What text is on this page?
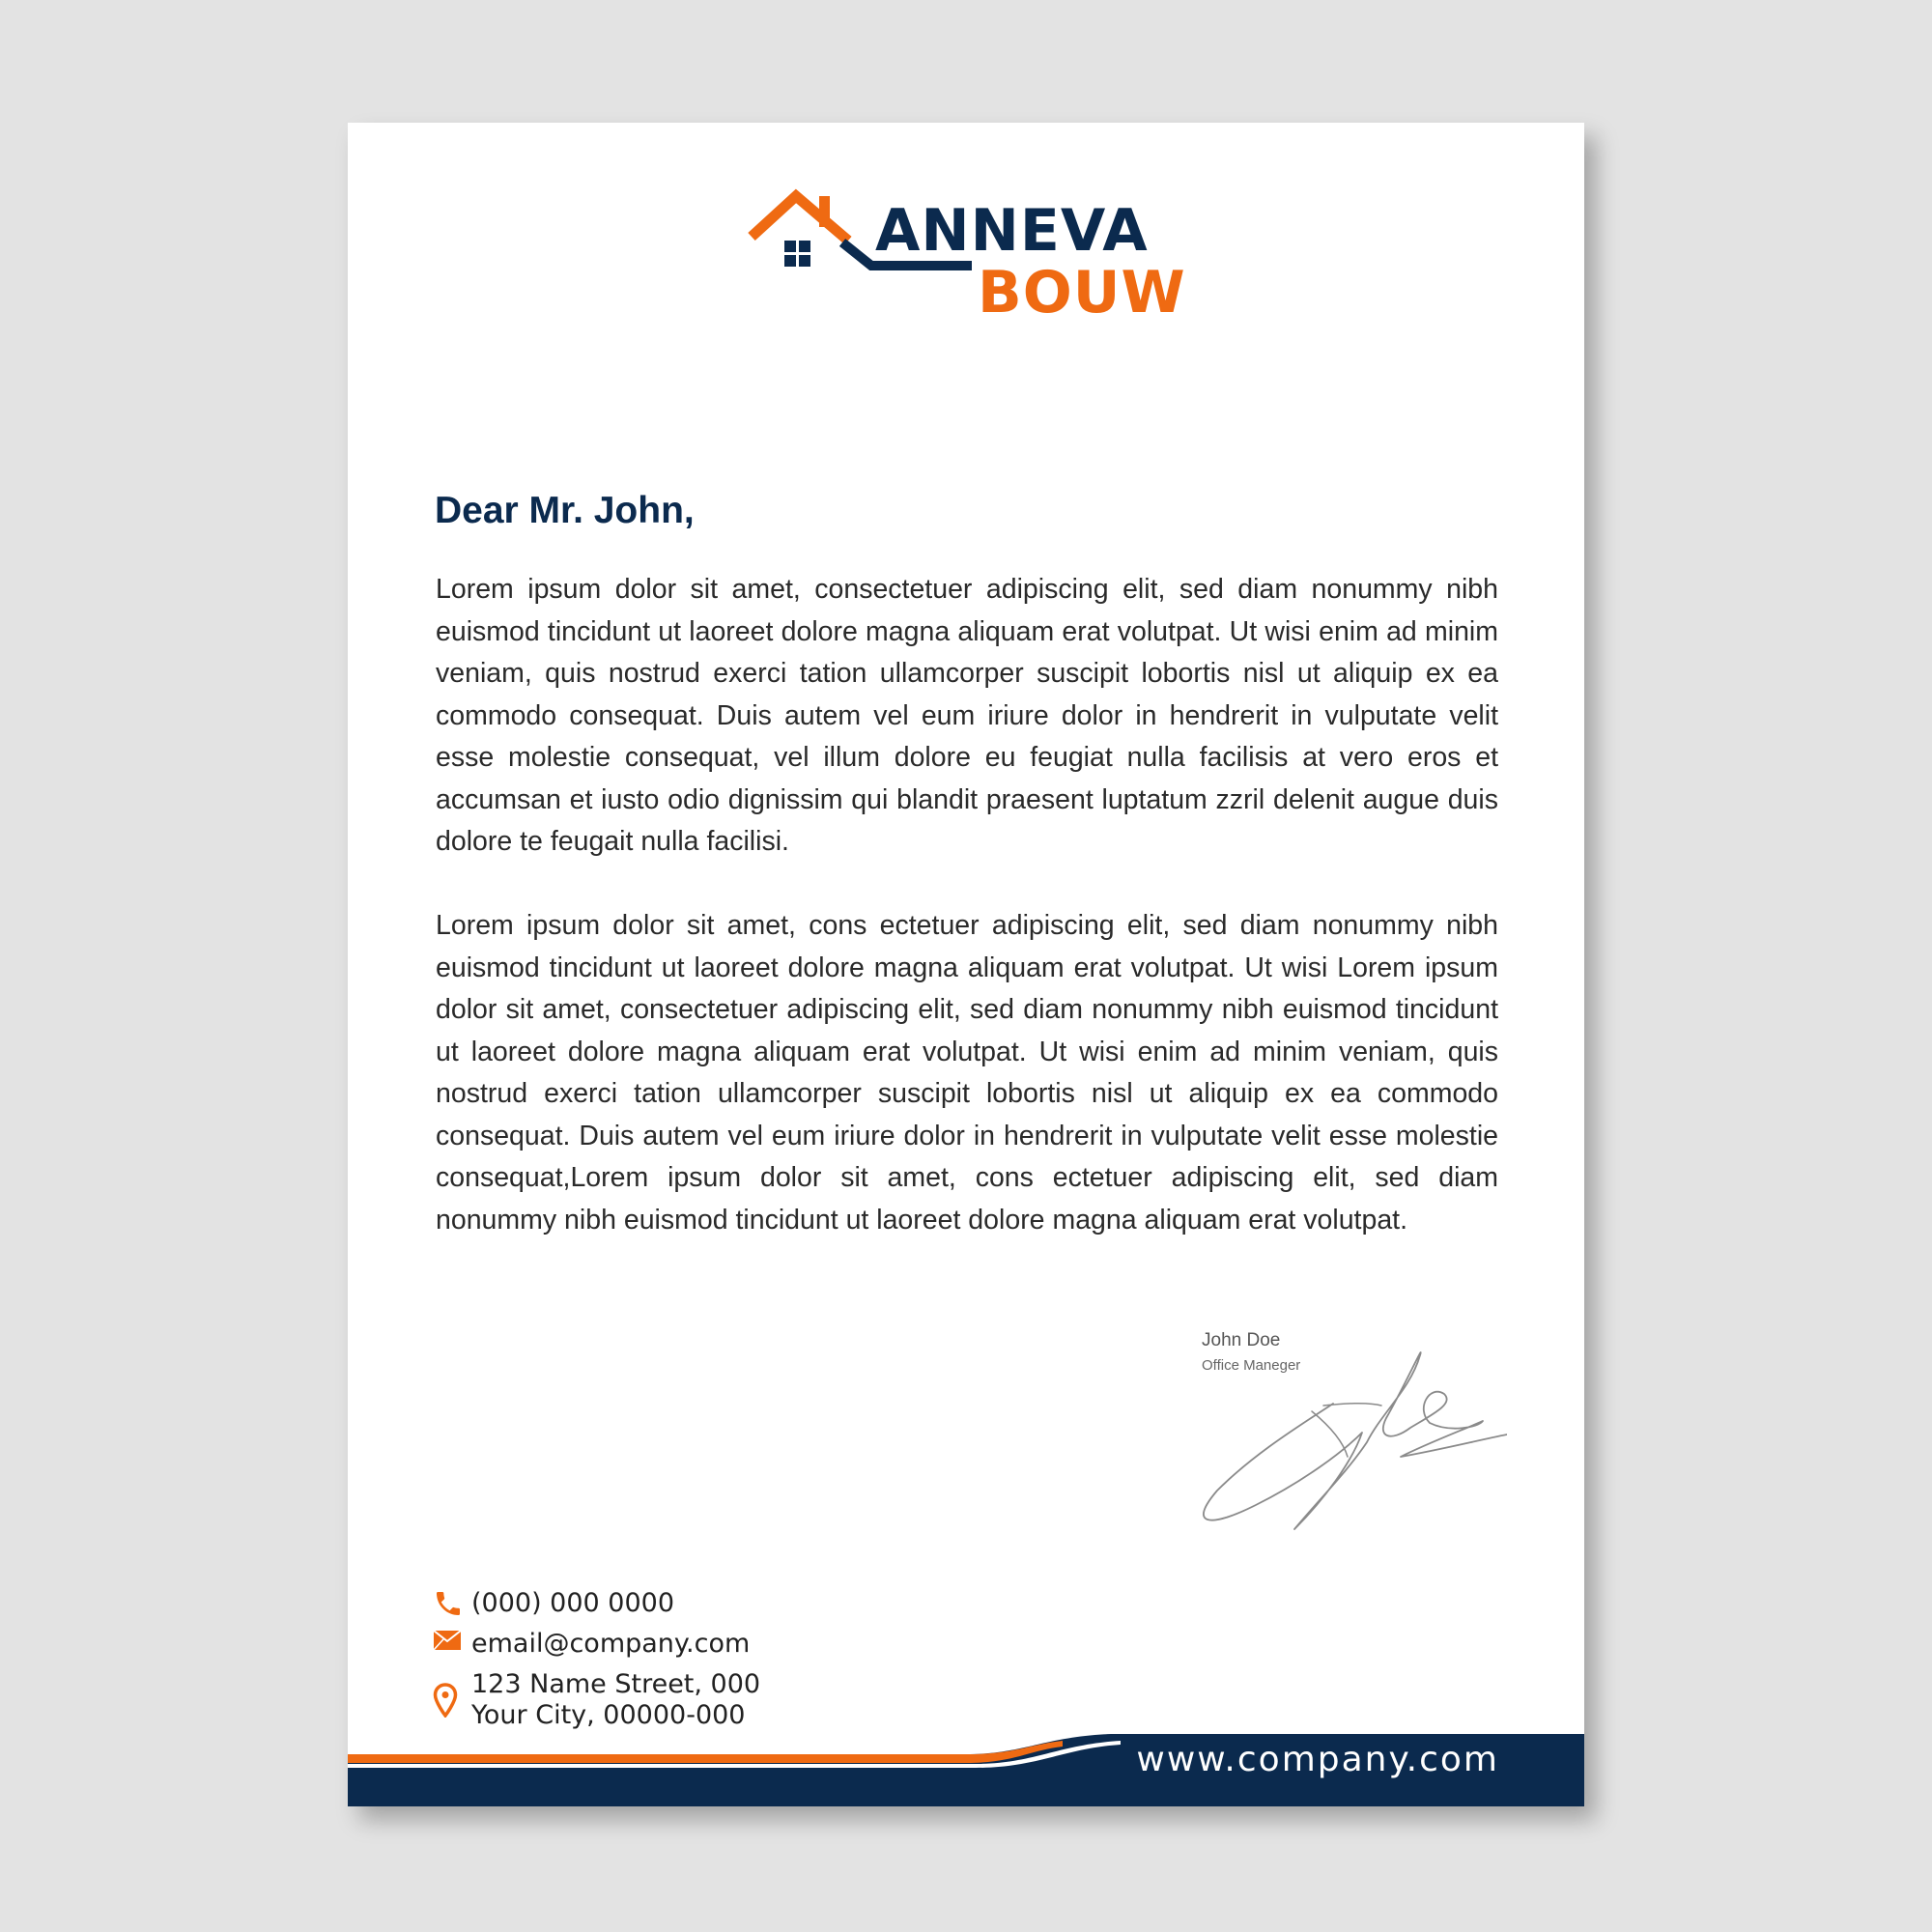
ANNEVA
BOUW
Dear Mr. John,

Lorem ipsum dolor sit amet, consectetuer adipiscing elit, sed diam nonummy nibh euismod tincidunt ut laoreet dolore magna aliquam erat volutpat. Ut wisi enim ad minim veniam, quis nostrud exerci tation ullamcorper suscipit lobortis nisl ut aliquip ex ea commodo consequat. Duis autem vel eum iriure dolor in hendrerit in vulputate velit esse molestie consequat, vel illum dolore eu feugiat nulla facilisis at vero eros et accumsan et iusto odio dignissim qui blandit praesent luptatum zzril delenit augue duis dolore te feugait nulla facilisi.

Lorem ipsum dolor sit amet, cons ectetuer adipiscing elit, sed diam nonummy nibh euismod tincidunt ut laoreet dolore magna aliquam erat volutpat. Ut wisi Lorem ipsum dolor sit amet, consectetuer adipiscing elit, sed diam nonummy nibh euismod tincidunt ut laoreet dolore magna aliquam erat volutpat. Ut wisi enim ad minim veniam, quis nostrud exerci tation ullamcorper suscipit lobortis nisl ut aliquip ex ea commodo consequat. Duis autem vel eum iriure dolor in hendrerit in vulputate velit esse molestie consequat,Lorem ipsum dolor sit amet, cons ectetuer adipiscing elit, sed diam nonummy nibh euismod tincidunt ut laoreet dolore magna aliquam erat volutpat.

John Doe
Office Maneger
(000) 000 0000
email@company.com
123 Name Street, 000
Your City, 00000-000
www.company.com
